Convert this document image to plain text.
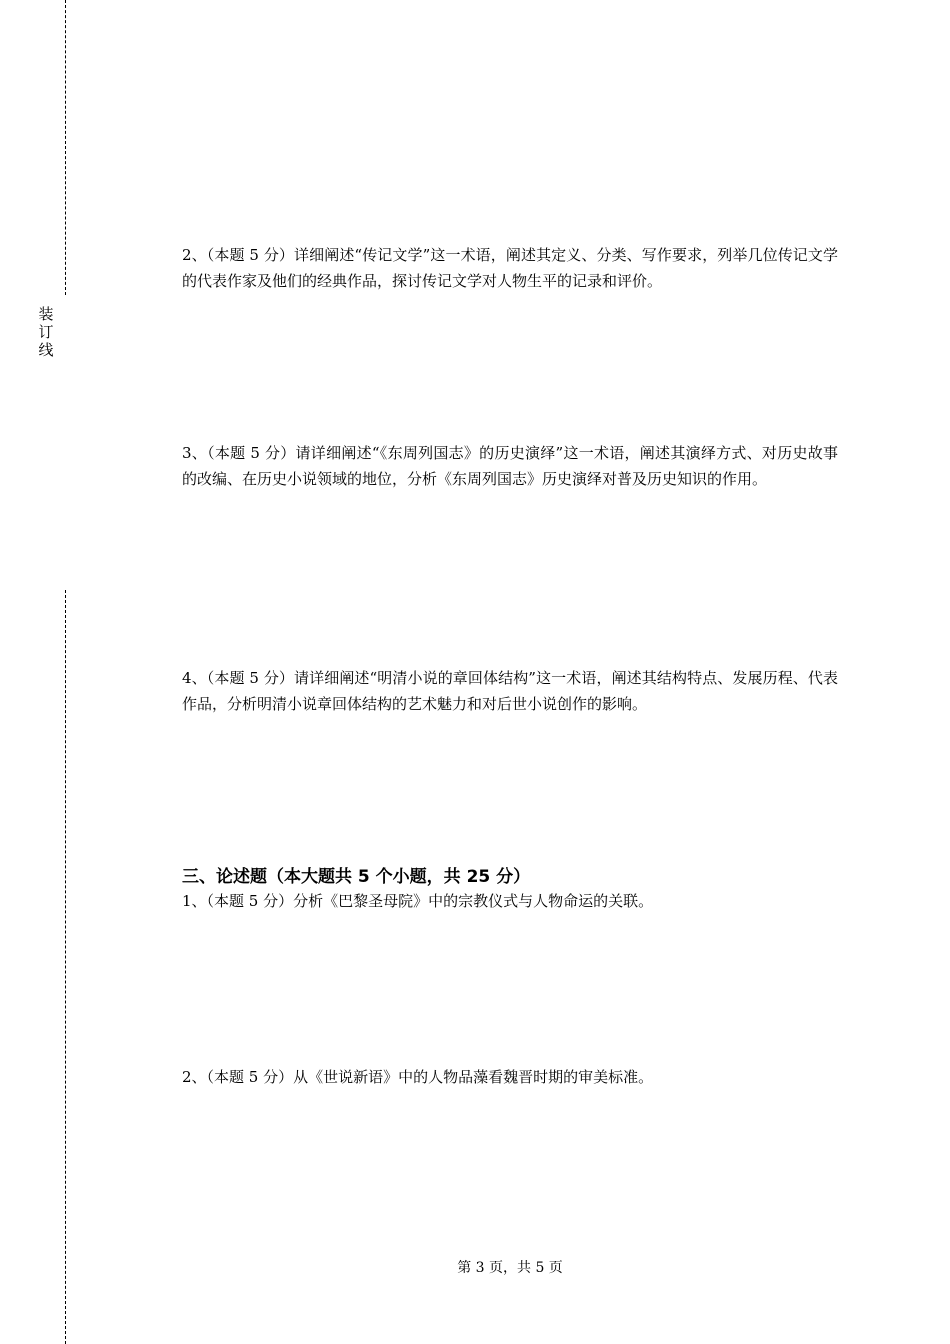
装
订
线
2、（本题 5 分）详细阐述“传记文学”这一术语，阐述其定义、分类、写作要求，列举几位传记文学的代表作家及他们的经典作品，探讨传记文学对人物生平的记录和评价。
3、（本题 5 分）请详细阐述“《东周列国志》的历史演绎”这一术语，阐述其演绎方式、对历史故事的改编、在历史小说领域的地位，分析《东周列国志》历史演绎对普及历史知识的作用。
4、（本题 5 分）请详细阐述“明清小说的章回体结构”这一术语，阐述其结构特点、发展历程、代表作品，分析明清小说章回体结构的艺术魅力和对后世小说创作的影响。
三、论述题（本大题共 5 个小题，共 25 分）
1、（本题 5 分）分析《巴黎圣母院》中的宗教仪式与人物命运的关联。
2、（本题 5 分）从《世说新语》中的人物品藻看魏晋时期的审美标准。
第 3 页，共 5 页
